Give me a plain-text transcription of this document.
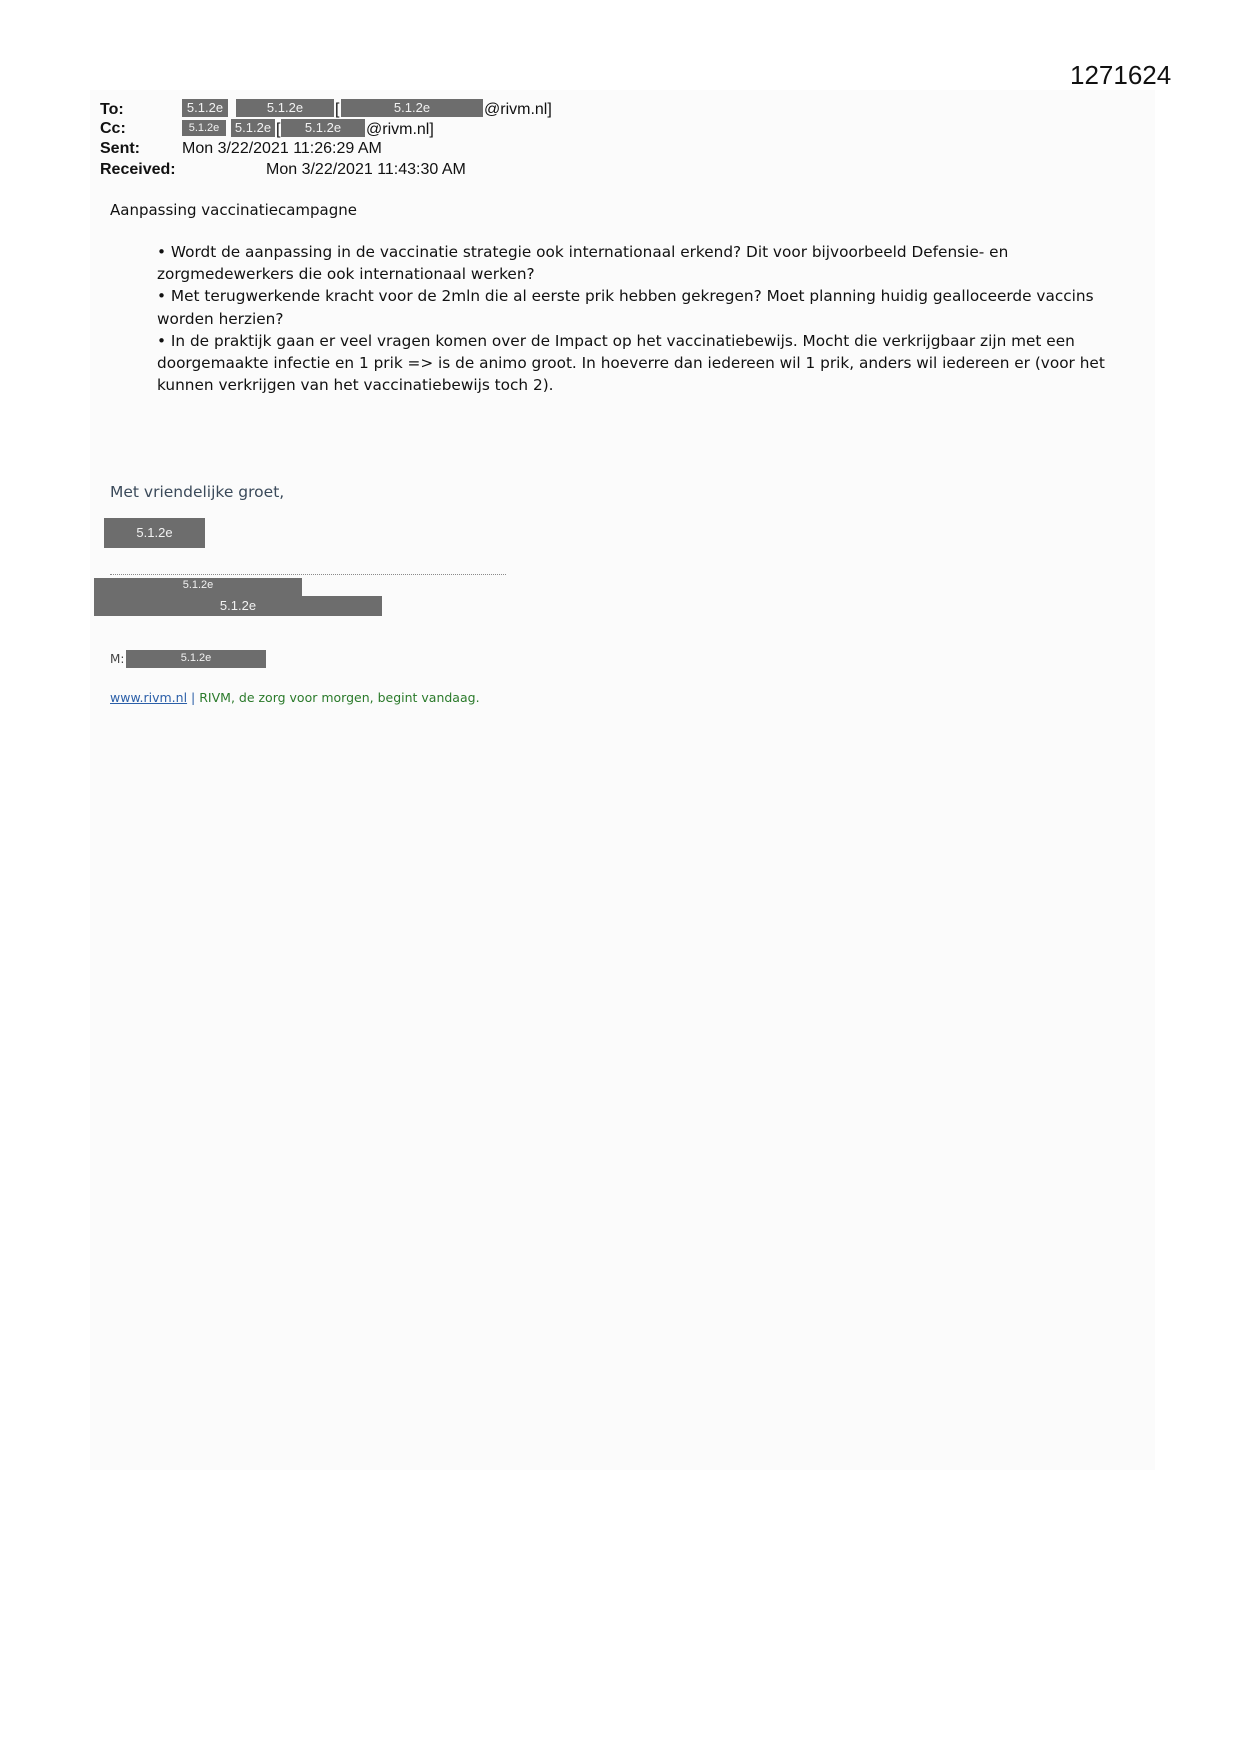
1271624
To:	5.1.2e	5.1.2e	[	5.1.2e	@rivm.nl]
Cc:	5.1.2e	5.1.2e [	5.1.2e	@rivm.nl]
Sent:	Mon 3/22/2021 11:26:29 AM
Received:	Mon 3/22/2021 11:43:30 AM
Aanpassing vaccinatiecampagne

• Wordt de aanpassing in de vaccinatie strategie ook internationaal erkend? Dit voor bijvoorbeeld Defensie- en zorgmedewerkers die ook internationaal werken?

• Met terugwerkende kracht voor de 2mln die al eerste prik hebben gekregen? Moet planning huidig gealloceerde vaccins worden herzien?

• In de praktijk gaan er veel vragen komen over de Impact op het vaccinatiebewijs. Mocht die verkrijgbaar zijn met een doorgemaakte infectie en 1 prik => is de animo groot. In hoeverre dan iedereen wil 1 prik, anders wil iedereen er (voor het kunnen verkrijgen van het vaccinatiebewijs toch 2).

Met vriendelijke groet,
5.1.2e
5.1.2e
5.1.2e
M:	5.1.2e
www.rivm.nl | RIVM, de zorg voor morgen, begint vandaag.
